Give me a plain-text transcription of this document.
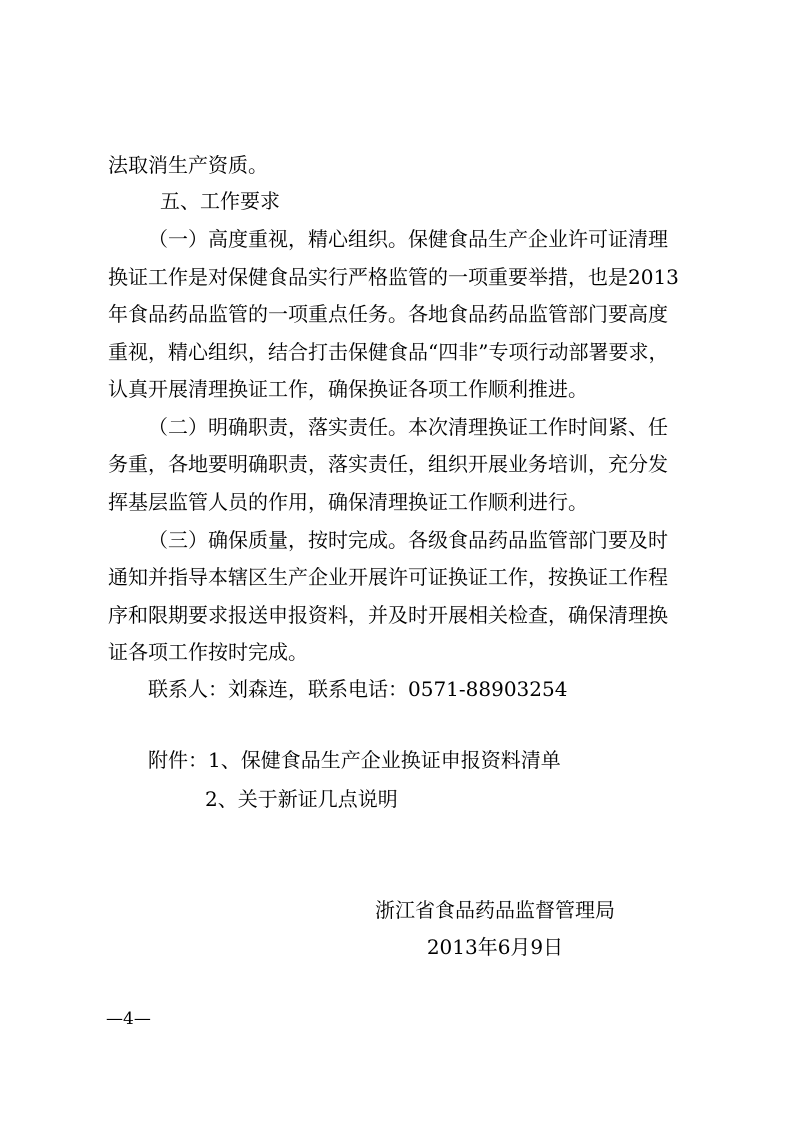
法取消生产资质。
五、工作要求
（一）高度重视，精心组织。保健食品生产企业许可证清理
换证工作是对保健食品实行严格监管的一项重要举措，也是2013
年食品药品监管的一项重点任务。各地食品药品监管部门要高度
重视，精心组织，结合打击保健食品“四非”专项行动部署要求，
认真开展清理换证工作，确保换证各项工作顺利推进。
（二）明确职责，落实责任。本次清理换证工作时间紧、任
务重，各地要明确职责，落实责任，组织开展业务培训，充分发
挥基层监管人员的作用，确保清理换证工作顺利进行。
（三）确保质量，按时完成。各级食品药品监管部门要及时
通知并指导本辖区生产企业开展许可证换证工作，按换证工作程
序和限期要求报送申报资料，并及时开展相关检查，确保清理换
证各项工作按时完成。
联系人：刘森连，联系电话：0571-88903254
附件：1、保健食品生产企业换证申报资料清单
2、关于新证几点说明
浙江省食品药品监督管理局
2013年6月9日
—4—
